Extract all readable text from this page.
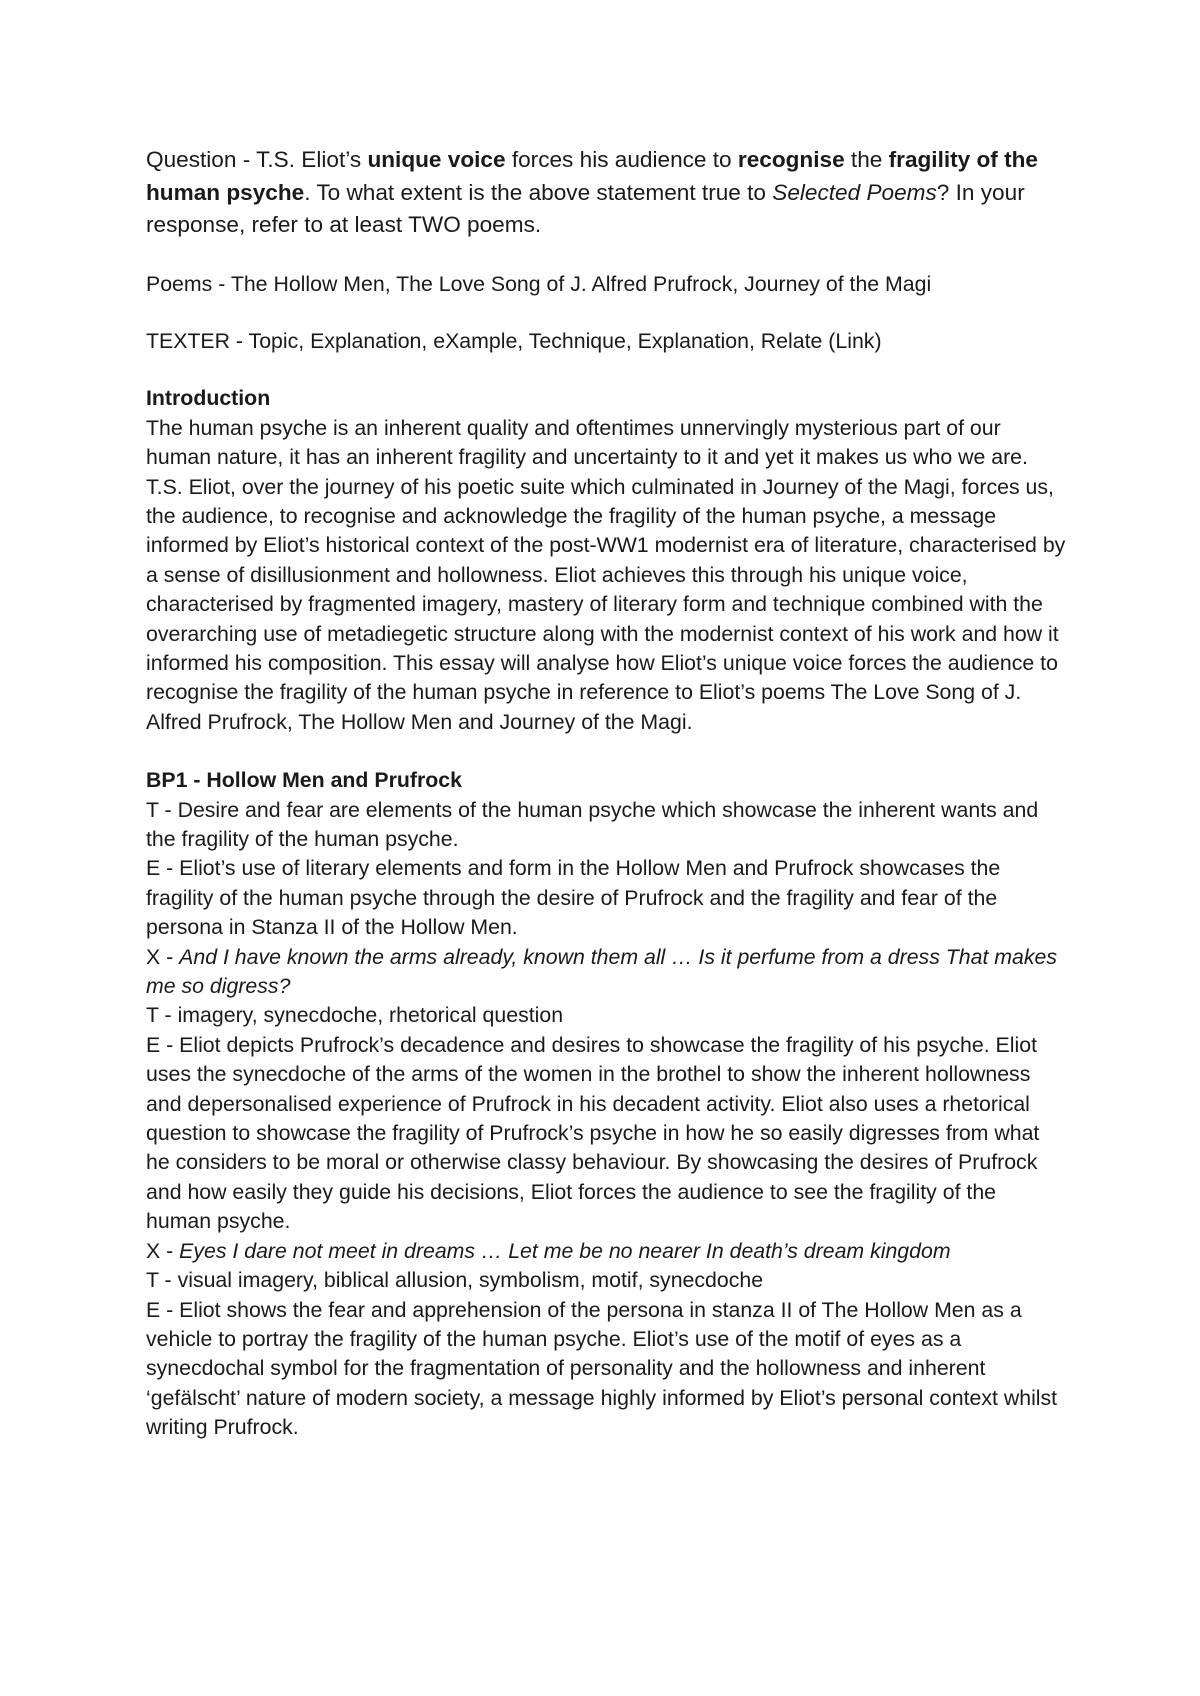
Question - T.S. Eliot’s unique voice forces his audience to recognise the fragility of the human psyche. To what extent is the above statement true to Selected Poems? In your response, refer to at least TWO poems.

Poems - The Hollow Men, The Love Song of J. Alfred Prufrock, Journey of the Magi

TEXTER - Topic, Explanation, eXample, Technique, Explanation, Relate (Link)

Introduction

The human psyche is an inherent quality and oftentimes unnervingly mysterious part of our human nature, it has an inherent fragility and uncertainty to it and yet it makes us who we are. T.S. Eliot, over the journey of his poetic suite which culminated in Journey of the Magi, forces us, the audience, to recognise and acknowledge the fragility of the human psyche, a message informed by Eliot’s historical context of the post-WW1 modernist era of literature, characterised by a sense of disillusionment and hollowness. Eliot achieves this through his unique voice, characterised by fragmented imagery, mastery of literary form and technique combined with the overarching use of metadiegetic structure along with the modernist context of his work and how it informed his composition. This essay will analyse how Eliot’s unique voice forces the audience to recognise the fragility of the human psyche in reference to Eliot’s poems The Love Song of J. Alfred Prufrock, The Hollow Men and Journey of the Magi.

BP1 - Hollow Men and Prufrock
T - Desire and fear are elements of the human psyche which showcase the inherent wants and the fragility of the human psyche.
E - Eliot’s use of literary elements and form in the Hollow Men and Prufrock showcases the fragility of the human psyche through the desire of Prufrock and the fragility and fear of the persona in Stanza II of the Hollow Men.
X - And I have known the arms already, known them all … Is it perfume from a dress That makes me so digress?
T - imagery, synecdoche, rhetorical question
E - Eliot depicts Prufrock’s decadence and desires to showcase the fragility of his psyche. Eliot uses the synecdoche of the arms of the women in the brothel to show the inherent hollowness and depersonalised experience of Prufrock in his decadent activity. Eliot also uses a rhetorical question to showcase the fragility of Prufrock’s psyche in how he so easily digresses from what he considers to be moral or otherwise classy behaviour. By showcasing the desires of Prufrock and how easily they guide his decisions, Eliot forces the audience to see the fragility of the human psyche.
X - Eyes I dare not meet in dreams … Let me be no nearer In death’s dream kingdom
T - visual imagery, biblical allusion, symbolism, motif, synecdoche
E - Eliot shows the fear and apprehension of the persona in stanza II of The Hollow Men as a vehicle to portray the fragility of the human psyche. Eliot’s use of the motif of eyes as a synecdochal symbol for the fragmentation of personality and the hollowness and inherent ‘gefälscht’ nature of modern society, a message highly informed by Eliot’s personal context whilst writing Prufrock.
